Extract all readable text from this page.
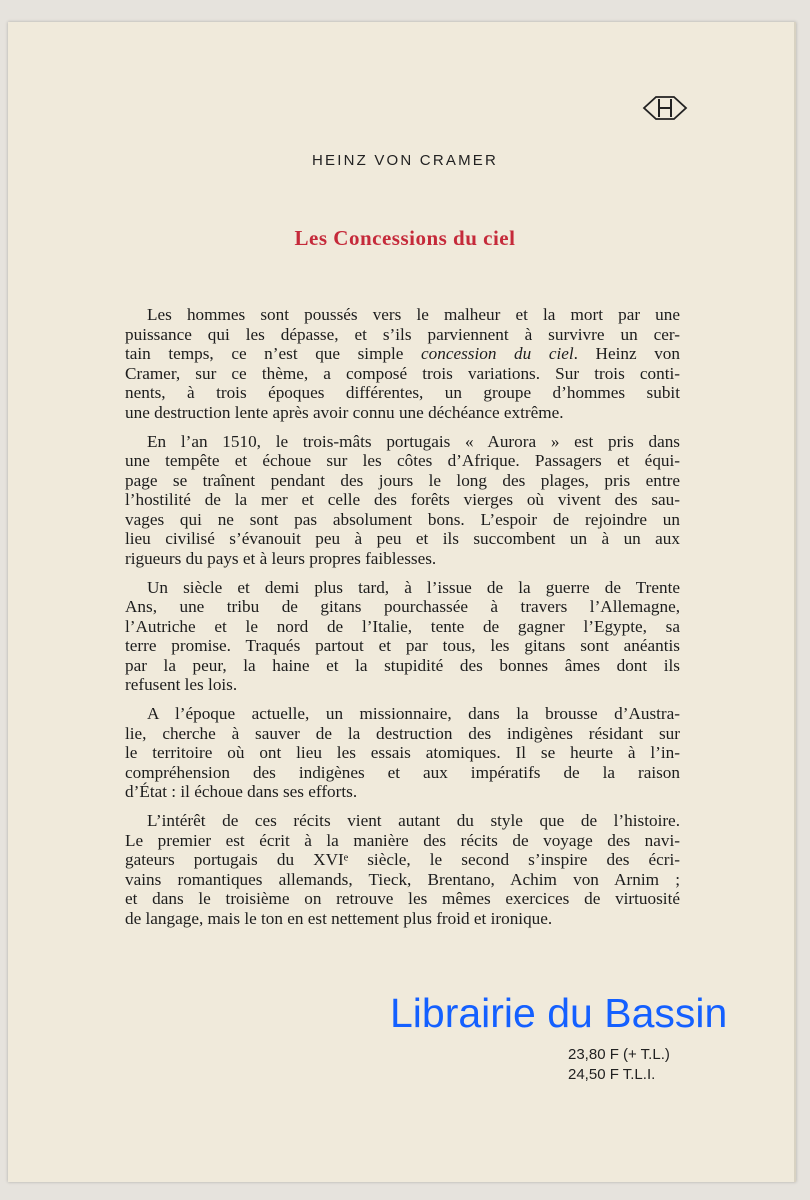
HEINZ VON CRAMER
Les Concessions du ciel
Les hommes sont poussés vers le malheur et la mort par une
puissance qui les dépasse, et s’ils parviennent à survivre un cer-
tain temps, ce n’est que simple concession du ciel. Heinz von
Cramer, sur ce thème, a composé trois variations. Sur trois conti-
nents, à trois époques différentes, un groupe d’hommes subit
une destruction lente après avoir connu une déchéance extrême.
En l’an 1510, le trois-mâts portugais « Aurora » est pris dans
une tempête et échoue sur les côtes d’Afrique. Passagers et équi-
page se traînent pendant des jours le long des plages, pris entre
l’hostilité de la mer et celle des forêts vierges où vivent des sau-
vages qui ne sont pas absolument bons. L’espoir de rejoindre un
lieu civilisé s’évanouit peu à peu et ils succombent un à un aux
rigueurs du pays et à leurs propres faiblesses.
Un siècle et demi plus tard, à l’issue de la guerre de Trente
Ans, une tribu de gitans pourchassée à travers l’Allemagne,
l’Autriche et le nord de l’Italie, tente de gagner l’Egypte, sa
terre promise. Traqués partout et par tous, les gitans sont anéantis
par la peur, la haine et la stupidité des bonnes âmes dont ils
refusent les lois.
A l’époque actuelle, un missionnaire, dans la brousse d’Austra-
lie, cherche à sauver de la destruction des indigènes résidant sur
le territoire où ont lieu les essais atomiques. Il se heurte à l’in-
compréhension des indigènes et aux impératifs de la raison
d’État : il échoue dans ses efforts.
L’intérêt de ces récits vient autant du style que de l’histoire.
Le premier est écrit à la manière des récits de voyage des navi-
gateurs portugais du XVIᵉ siècle, le second s’inspire des écri-
vains romantiques allemands, Tieck, Brentano, Achim von Arnim ;
et dans le troisième on retrouve les mêmes exercices de virtuosité
de langage, mais le ton en est nettement plus froid et ironique.
Librairie du Bassin
23,80 F (+ T.L.)
24,50 F T.L.I.
